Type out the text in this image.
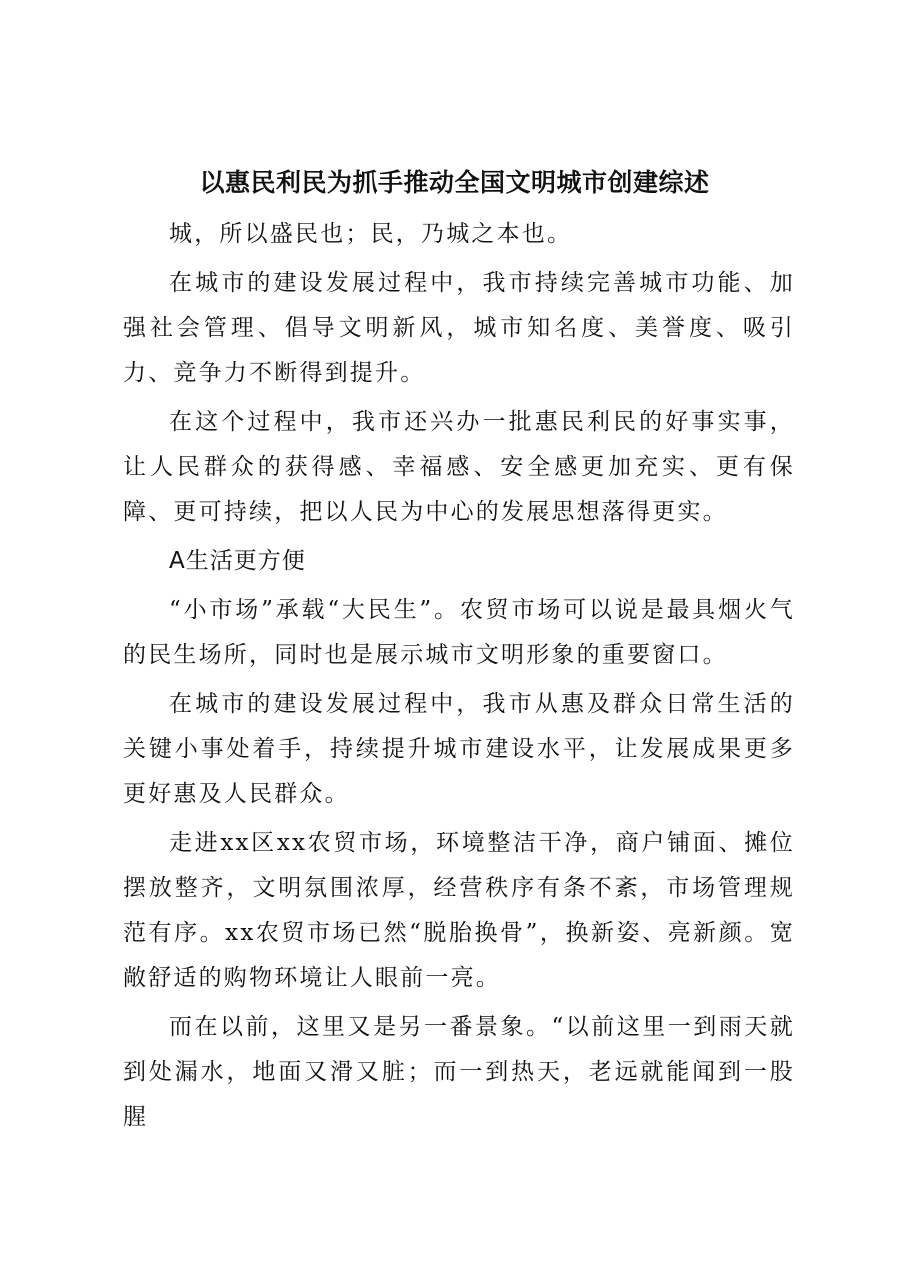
以惠民利民为抓手推动全国文明城市创建综述

城，所以盛民也；民，乃城之本也。

在城市的建设发展过程中，我市持续完善城市功能、加强社会管理、倡导文明新风，城市知名度、美誉度、吸引力、竞争力不断得到提升。

在这个过程中，我市还兴办一批惠民利民的好事实事，让人民群众的获得感、幸福感、安全感更加充实、更有保障、更可持续，把以人民为中心的发展思想落得更实。

A生活更方便

“小市场”承载“大民生”。农贸市场可以说是最具烟火气的民生场所，同时也是展示城市文明形象的重要窗口。

在城市的建设发展过程中，我市从惠及群众日常生活的关键小事处着手，持续提升城市建设水平，让发展成果更多更好惠及人民群众。

走进xx区xx农贸市场，环境整洁干净，商户铺面、摊位摆放整齐，文明氛围浓厚，经营秩序有条不紊，市场管理规范有序。xx农贸市场已然“脱胎换骨”，换新姿、亮新颜。宽敞舒适的购物环境让人眼前一亮。

而在以前，这里又是另一番景象。“以前这里一到雨天就到处漏水，地面又滑又脏；而一到热天，老远就能闻到一股腥
